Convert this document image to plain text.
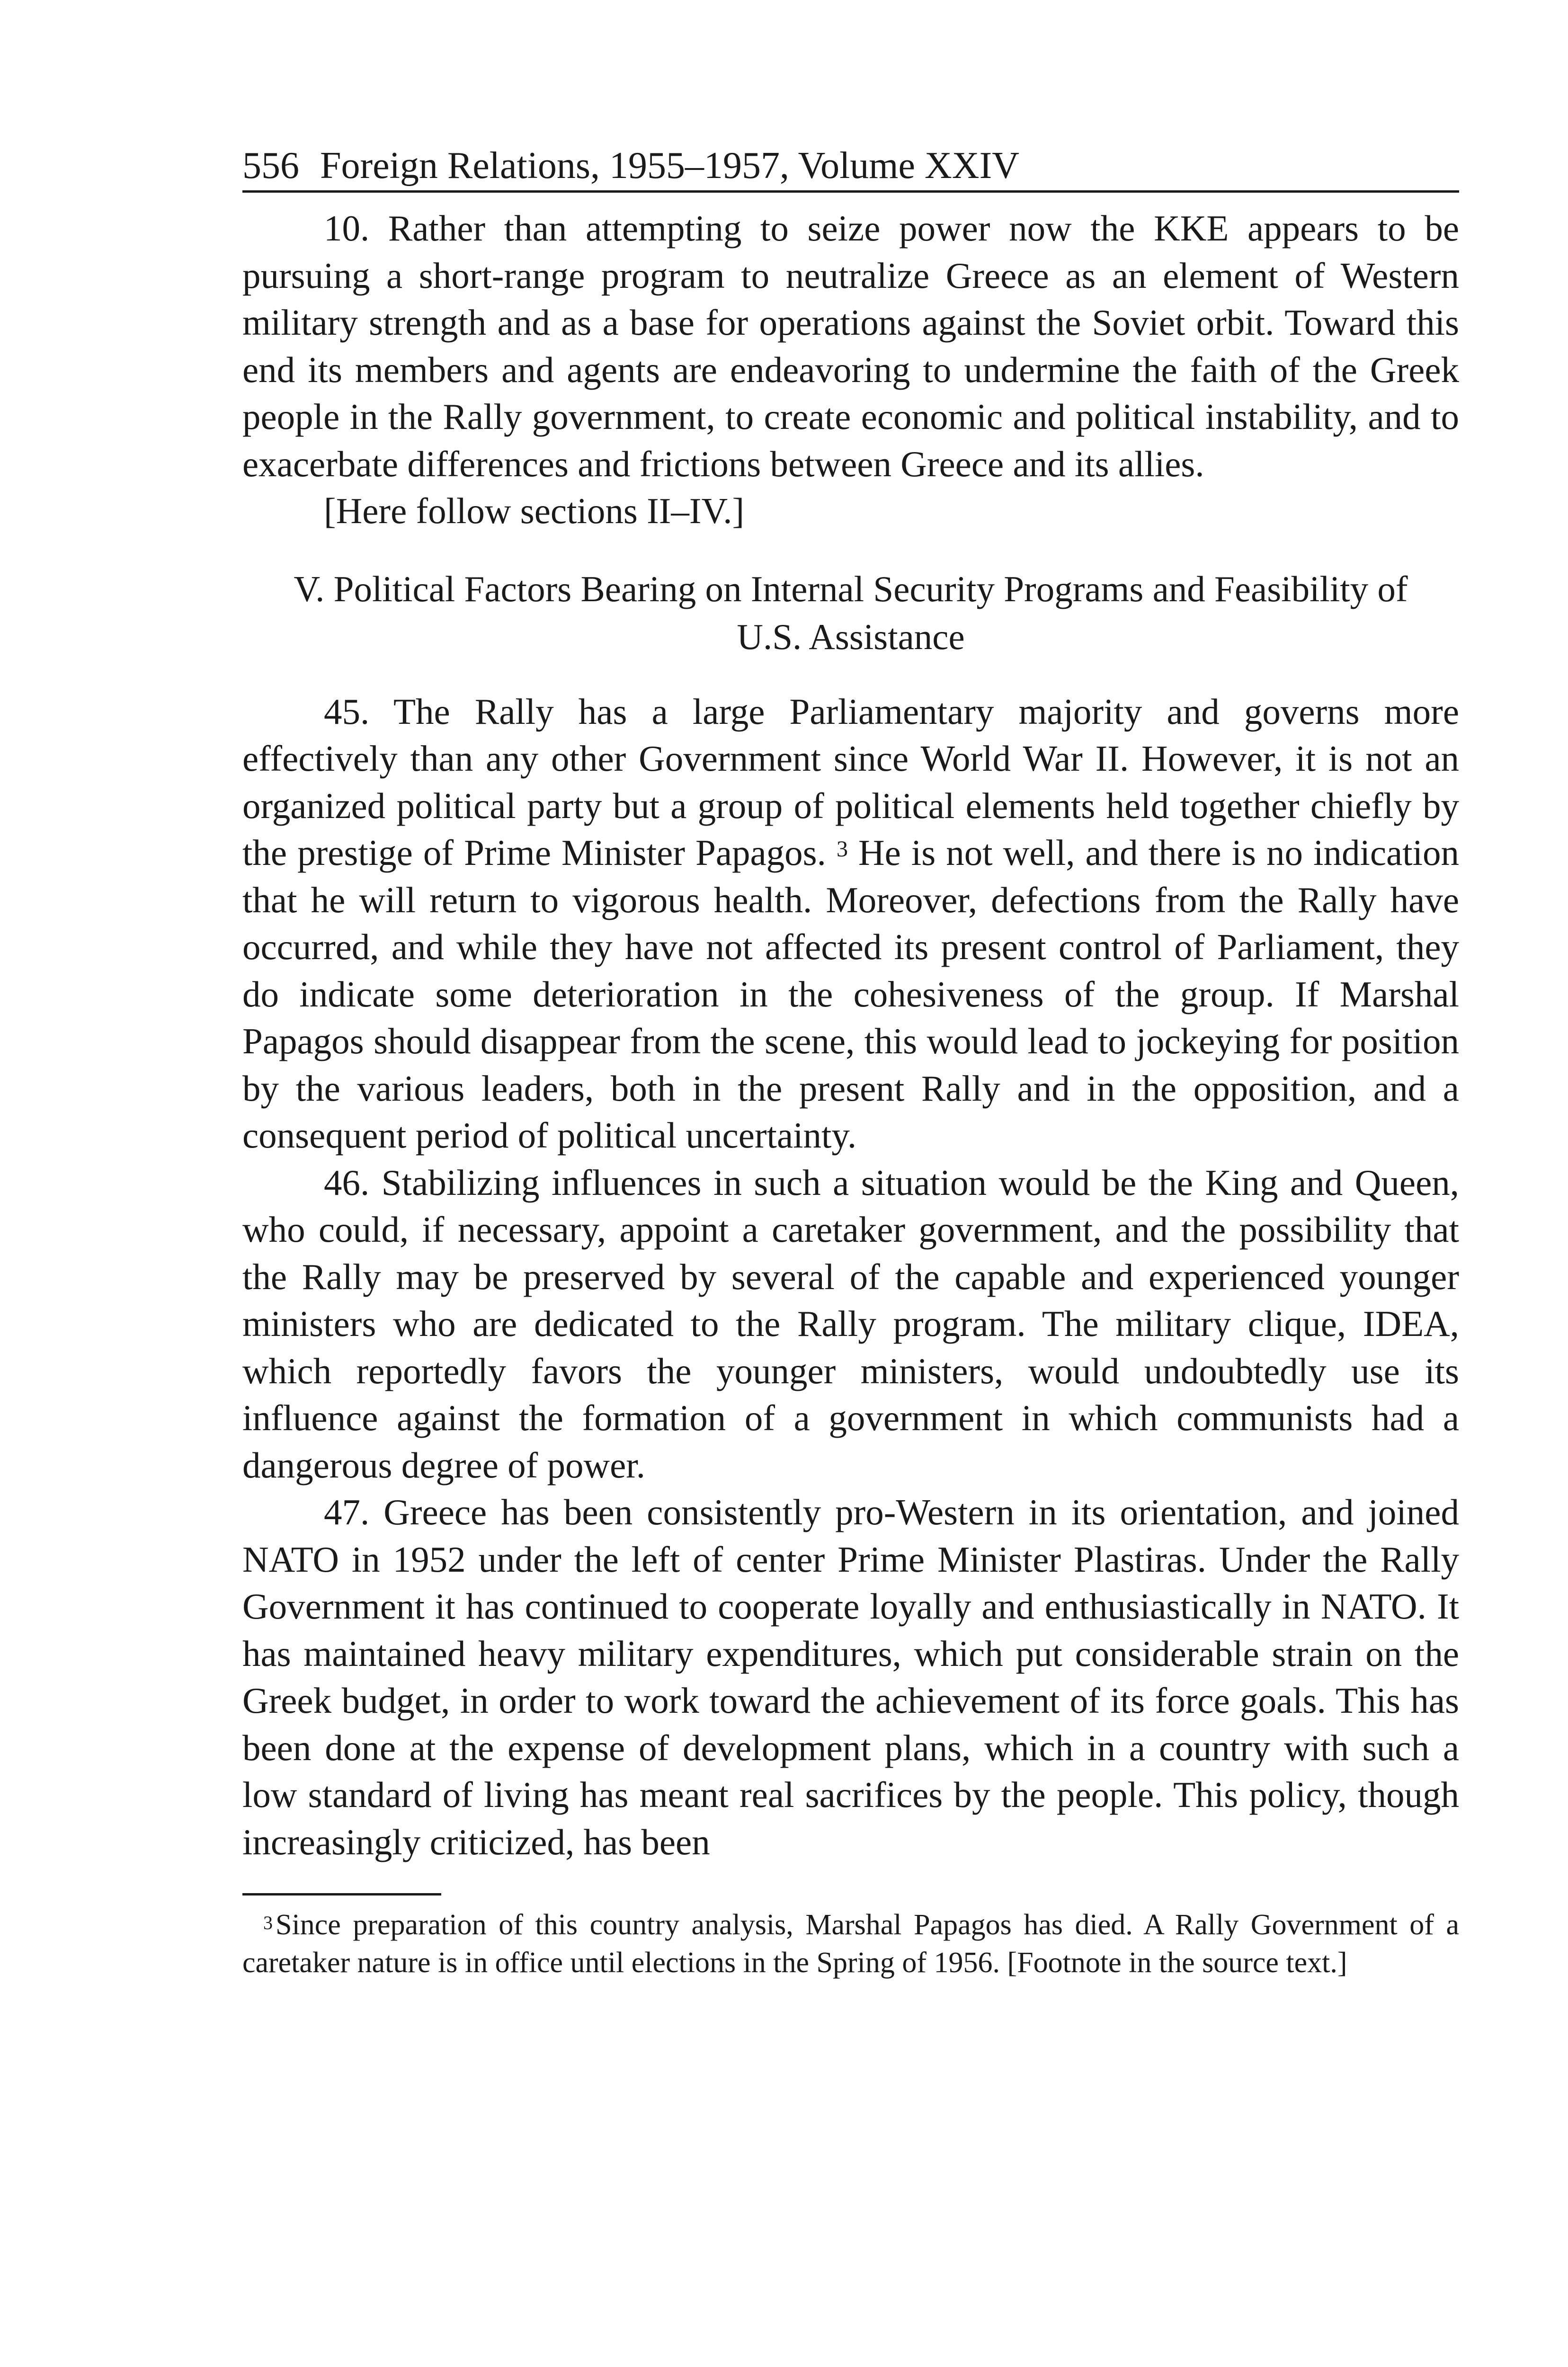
556 Foreign Relations, 1955–1957, Volume XXIV

10. Rather than attempting to seize power now the KKE appears to be pursuing a short-range program to neutralize Greece as an element of Western military strength and as a base for operations against the Soviet orbit. Toward this end its members and agents are endeavoring to undermine the faith of the Greek people in the Rally government, to create economic and political instability, and to exacerbate differences and frictions between Greece and its allies.

[Here follow sections II–IV.]

V. Political Factors Bearing on Internal Security Programs and Feasibility of U.S. Assistance

45. The Rally has a large Parliamentary majority and governs more effectively than any other Government since World War II. However, it is not an organized political party but a group of political elements held together chiefly by the prestige of Prime Minister Papagos. $^3$ He is not well, and there is no indication that he will return to vigorous health. Moreover, defections from the Rally have occurred, and while they have not affected its present control of Parliament, they do indicate some deterioration in the cohesiveness of the group. If Marshal Papagos should disappear from the scene, this would lead to jockeying for position by the various leaders, both in the present Rally and in the opposition, and a consequent period of political uncertainty.

46. Stabilizing influences in such a situation would be the King and Queen, who could, if necessary, appoint a caretaker government, and the possibility that the Rally may be preserved by several of the capable and experienced younger ministers who are dedicated to the Rally program. The military clique, IDEA, which reportedly favors the younger ministers, would undoubtedly use its influence against the formation of a government in which communists had a dangerous degree of power.

47. Greece has been consistently pro-Western in its orientation, and joined NATO in 1952 under the left of center Prime Minister Plastiras. Under the Rally Government it has continued to cooperate loyally and enthusiastically in NATO. It has maintained heavy military expenditures, which put considerable strain on the Greek budget, in order to work toward the achievement of its force goals. This has been done at the expense of development plans, which in a country with such a low standard of living has meant real sacrifices by the people. This policy, though increasingly criticized, has been

$^3$Since preparation of this country analysis, Marshal Papagos has died. A Rally Government of a caretaker nature is in office until elections in the Spring of 1956. [Footnote in the source text.]
